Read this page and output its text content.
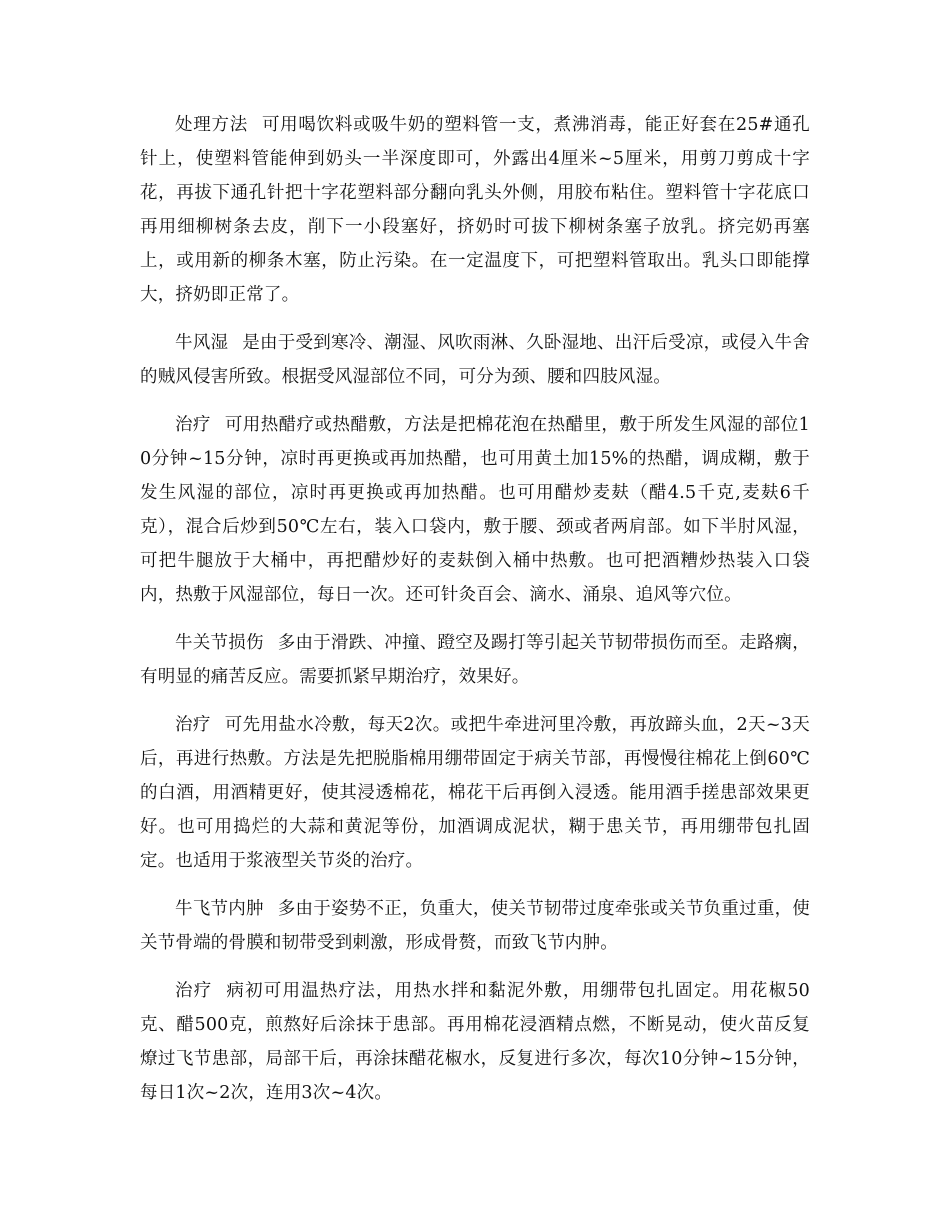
处理方法 可用喝饮料或吸牛奶的塑料管一支，煮沸消毒，能正好套在25#通孔针上，使塑料管能伸到奶头一半深度即可，外露出4厘米~5厘米，用剪刀剪成十字花，再拔下通孔针把十字花塑料部分翻向乳头外侧，用胶布粘住。塑料管十字花底口再用细柳树条去皮，削下一小段塞好，挤奶时可拔下柳树条塞子放乳。挤完奶再塞上，或用新的柳条木塞，防止污染。在一定温度下，可把塑料管取出。乳头口即能撑大，挤奶即正常了。

牛风湿 是由于受到寒冷、潮湿、风吹雨淋、久卧湿地、出汗后受凉，或侵入牛舍的贼风侵害所致。根据受风湿部位不同，可分为颈、腰和四肢风湿。

治疗 可用热醋疗或热醋敷，方法是把棉花泡在热醋里，敷于所发生风湿的部位10分钟~15分钟，凉时再更换或再加热醋，也可用黄土加15%的热醋，调成糊，敷于发生风湿的部位，凉时再更换或再加热醋。也可用醋炒麦麸（醋4.5千克,麦麸6千克），混合后炒到50℃左右，装入口袋内，敷于腰、颈或者两肩部。如下半肘风湿，可把牛腿放于大桶中，再把醋炒好的麦麸倒入桶中热敷。也可把酒糟炒热装入口袋内，热敷于风湿部位，每日一次。还可针灸百会、滴水、涌泉、追风等穴位。

牛关节损伤 多由于滑跌、冲撞、蹬空及踢打等引起关节韧带损伤而至。走路瘸，有明显的痛苦反应。需要抓紧早期治疗，效果好。

治疗 可先用盐水冷敷，每天2次。或把牛牵进河里冷敷，再放蹄头血，2天~3天后，再进行热敷。方法是先把脱脂棉用绷带固定于病关节部，再慢慢往棉花上倒60℃的白酒，用酒精更好，使其浸透棉花，棉花干后再倒入浸透。能用酒手搓患部效果更好。也可用捣烂的大蒜和黄泥等份，加酒调成泥状，糊于患关节，再用绷带包扎固定。也适用于浆液型关节炎的治疗。

牛飞节内肿 多由于姿势不正，负重大，使关节韧带过度牵张或关节负重过重，使关节骨端的骨膜和韧带受到刺激，形成骨赘，而致飞节内肿。

治疗 病初可用温热疗法，用热水拌和黏泥外敷，用绷带包扎固定。用花椒50克、醋500克，煎熬好后涂抹于患部。再用棉花浸酒精点燃，不断晃动，使火苗反复燎过飞节患部，局部干后，再涂抹醋花椒水，反复进行多次，每次10分钟~15分钟，每日1次~2次，连用3次~4次。
